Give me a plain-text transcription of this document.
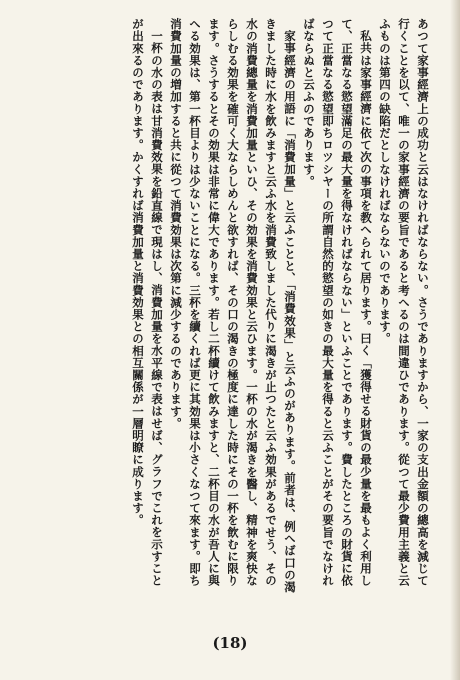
あつて家事經濟上の成功と云はなければならない。さうでありますから、一家の支出金額の總高を減じて行くことを以て、唯一の家事經濟の要旨であると考へるのは間違ひであります。從つて最少費用主義と云ふものは第四の缺陷だとしなければならないのであります。

私共は家事經濟に依て次の事項を教へられて居ります。曰く「獲得せる財貨の最少量を最もよく利用して、正當なる慾望滿足の最大量を得なければならない」といふことであります。費したところの財貨に依つて正當なる慾望即ちロツシヤーの所謂自然的慾望の如きの最大量を得ると云ふことがその要旨でなければならぬと云ふのであります。

家事經濟の用語に「消費加量」と云ふことと、「消費效果」と云ふのがあります。前者は、例へば口の渴きました時に水を飲みますと云ふ水を消費致しました代りに渴きが止つたと云ふ効果があるでせう、その水の消費總量を消費加量といひ、その効果を消費効果と云ひます。一杯の水が渴きを醫し、精神を爽快ならしむる効果を確可く大ならしめんと欲すれば、その口の渴きの極度に達した時にその一杯を飲むに限ります。さうするとその効果は非常に偉大であります。若し二杯續けて飲みますと、二杯目の水が吾人に與へる効果は、第一杯目よりは少ないことになる。三杯を續くれば更に其効果は小さくなつて來ます。即ち消費加量の増加すると共に從つて消費効果は次第に減少するのであります。

一杯の水の表は甘消費效果を鉛直線で現はし、消費加量を水平線で表はせば、グラフでこれを示すことが出來るのであります。かくすれば消費加量と消費効果との相互關係が一層明瞭に成ります。

(18)
